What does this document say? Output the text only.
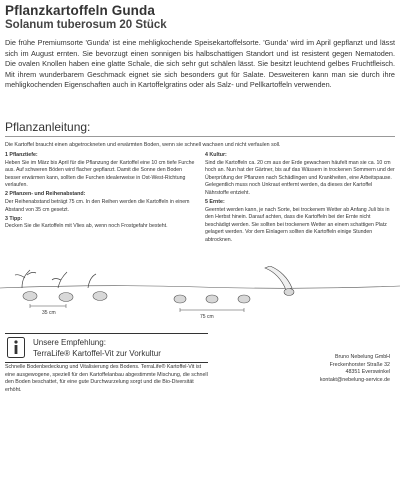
Pflanzkartoffeln Gunda
Solanum tuberosum 20 Stück
Die frühe Premiumsorte 'Gunda' ist eine mehligkochende Speisekartoffelsorte. 'Gunda' wird im April gepflanzt und lässt sich im August ernten. Sie bevorzugt einen sonnigen bis halbschattigen Standort und ist resistent gegen Nematoden. Die ovalen Knollen haben eine glatte Schale, die sich sehr gut schälen lässt. Sie besitzt leuchtend gelbes Fruchtfleisch. Mit ihrem wunderbarem Geschmack eignet sie sich besonders gut für Salate. Desweiteren kann man sie durch ihre mehligkochenden Eigenschaften auch in Kartoffelgratins oder als Salz- und Pellkartoffeln verwenden.
Pflanzanleitung:
Die Kartoffel braucht einen abgetrockneten und erwärmten Boden, wenn sie schnell wachsen und nicht verfaulen soll.
1 Pflanztiefe:

Heben Sie im März bis April für die Pflanzung der Kartoffel eine 10 cm tiefe Furche aus. Auf schweren Böden wird flacher gepflanzt. Damit die Sonne den Boden besser erwärmen kann, sollten die Furchen idealerweise in Ost-West-Richtung verlaufen.

2 Pflanzen- und Reihenabstand:

Der Reihenabstand beträgt 75 cm. In den Reihen werden die Kartoffeln in einem Abstand von 35 cm gesetzt.

3 Tipp:

Decken Sie die Kartoffeln mit Vlies ab, wenn noch Frostgefahr besteht.

4 Kultur:

Sind die Kartoffeln ca. 20 cm aus der Erde gewachsen häufelt man sie ca. 10 cm hoch an. Nun hat der Gärtner, bis auf das Wässern in trockenen Sommern und der Überprüfung der Pflanzen nach Schädlingen und Krankheiten, eine Arbeitspause. Gelegentlich muss noch Unkraut entfernt werden, da dieses der Kartoffel Nährstoffe entzieht.

5 Ernte:

Geerntet werden kann, je nach Sorte, bei trockenem Wetter ab Anfang Juli bis in den Herbst hinein. Darauf achten, dass die Kartoffeln bei der Ernte nicht beschädigt werden. Sie sollten bei trockenem Wetter an einem schattigen Platz gelagert werden. Vor dem Einlagern sollten die Kartoffeln einige Stunden abtrocknen.

35 cm
75 cm
Unsere Empfehlung:
TerraLife® Kartoffel-Vit zur Vorkultur
Schnelle Bodenbedeckung und Vitalisierung des Bodens. TerraLife® Kartoffel-Vit ist eine ausgewogene, speziell für den Kartoffelanbau abgestimmte Mischung, die schnell den Boden beschattet, für eine gute Durchwurzelung sorgt und die Bio-Diversität erhöht.
Bruno Nebelung GmbH
Freckenhorster Straße 32
48351 Everswinkel
kontakt@nebelung-service.de
